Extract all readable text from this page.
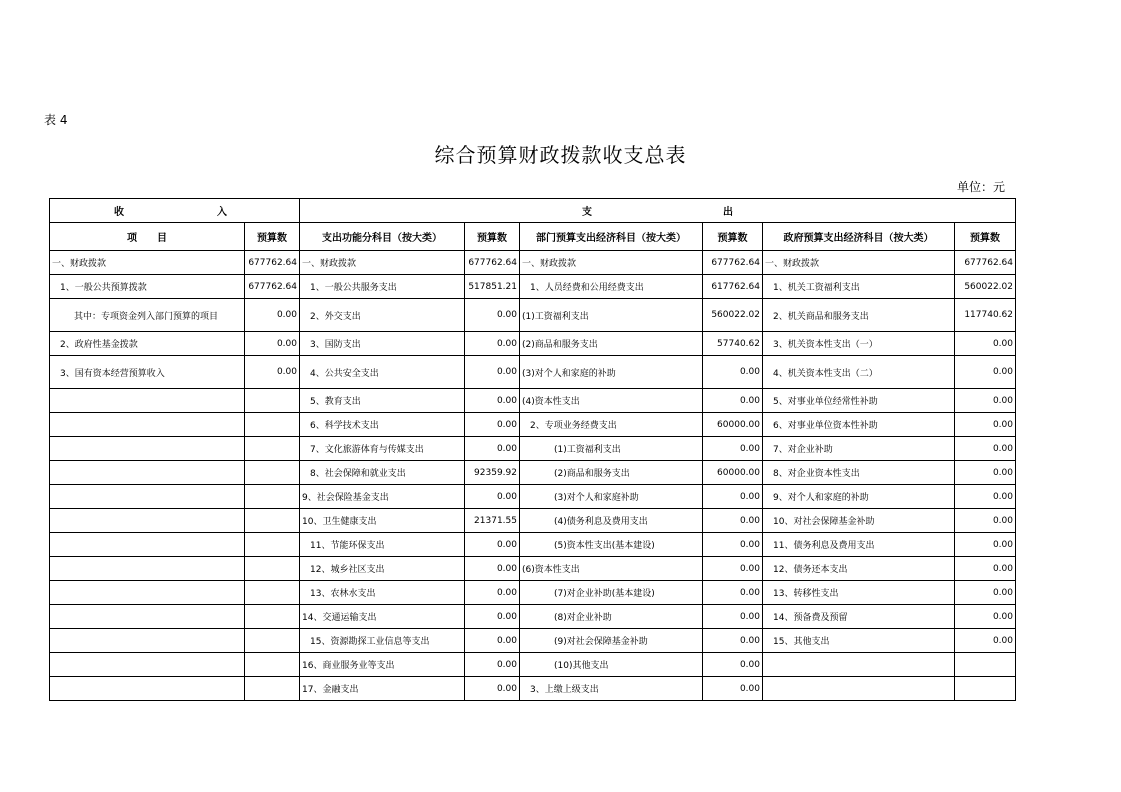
表 4
综合预算财政拨款收支总表
单位：元
收 入		支 出					

项　　目	预算数	支出功能分科目（按大类）	预算数	部门预算支出经济科目（按大类）	预算数	政府预算支出经济科目（按大类）	预算数
一、财政拨款	677762.64	一、财政拨款	677762.64	一、财政拨款	677762.64	一、财政拨款	677762.64
1、一般公共预算拨款	677762.64	1、一般公共服务支出	517851.21	1、人员经费和公用经费支出	617762.64	1、机关工资福利支出	560022.02
其中：专项资金列入部门预算的项目	0.00	2、外交支出	0.00	(1)工资福利支出	560022.02	2、机关商品和服务支出	117740.62
2、政府性基金拨款	0.00	3、国防支出	0.00	(2)商品和服务支出	57740.62	3、机关资本性支出（一）	0.00
3、国有资本经营预算收入	0.00	4、公共安全支出	0.00	(3)对个人和家庭的补助	0.00	4、机关资本性支出（二）	0.00
		5、教育支出	0.00	(4)资本性支出	0.00	5、对事业单位经常性补助	0.00
		6、科学技术支出	0.00	2、专项业务经费支出	60000.00	6、对事业单位资本性补助	0.00
		7、文化旅游体育与传媒支出	0.00	(1)工资福利支出	0.00	7、对企业补助	0.00
		8、社会保障和就业支出	92359.92	(2)商品和服务支出	60000.00	8、对企业资本性支出	0.00
		9、社会保险基金支出	0.00	(3)对个人和家庭补助	0.00	9、对个人和家庭的补助	0.00
		10、卫生健康支出	21371.55	(4)债务利息及费用支出	0.00	10、对社会保障基金补助	0.00
		11、节能环保支出	0.00	(5)资本性支出(基本建设)	0.00	11、债务利息及费用支出	0.00
		12、城乡社区支出	0.00	(6)资本性支出	0.00	12、债务还本支出	0.00
		13、农林水支出	0.00	(7)对企业补助(基本建设)	0.00	13、转移性支出	0.00
		14、交通运输支出	0.00	(8)对企业补助	0.00	14、预备费及预留	0.00
		15、资源勘探工业信息等支出	0.00	(9)对社会保障基金补助	0.00	15、其他支出	0.00
		16、商业服务业等支出	0.00	(10)其他支出	0.00		
		17、金融支出	0.00	3、上缴上级支出	0.00		
